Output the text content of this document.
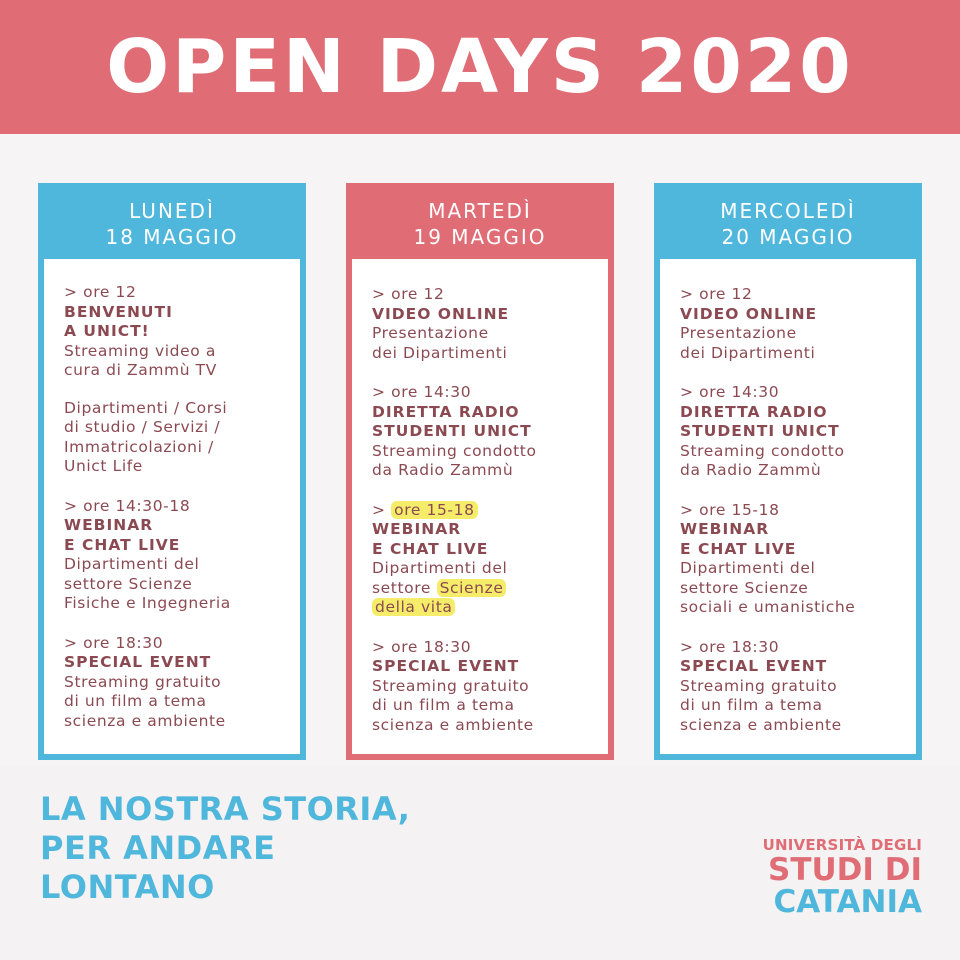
OPEN DAYS 2020
LUNEDÌ
18 MAGGIO
> ore 12
BENVENUTI
A UNICT!
Streaming video a
cura di Zammù TV
Dipartimenti / Corsi
di studio / Servizi /
Immatricolazioni /
Unict Life
> ore 14:30-18
WEBINAR
E CHAT LIVE
Dipartimenti del
settore Scienze
Fisiche e Ingegneria
> ore 18:30
SPECIAL EVENT
Streaming gratuito
di un film a tema
scienza e ambiente
MARTEDÌ
19 MAGGIO
> ore 12
VIDEO ONLINE
Presentazione
dei Dipartimenti
> ore 14:30
DIRETTA RADIO
STUDENTI UNICT
Streaming condotto
da Radio Zammù
> ore 15-18
WEBINAR
E CHAT LIVE
Dipartimenti del
settore Scienze
della vita
> ore 18:30
SPECIAL EVENT
Streaming gratuito
di un film a tema
scienza e ambiente
MERCOLEDÌ
20 MAGGIO
> ore 12
VIDEO ONLINE
Presentazione
dei Dipartimenti
> ore 14:30
DIRETTA RADIO
STUDENTI UNICT
Streaming condotto
da Radio Zammù
> ore 15-18
WEBINAR
E CHAT LIVE
Dipartimenti del
settore Scienze
sociali e umanistiche
> ore 18:30
SPECIAL EVENT
Streaming gratuito
di un film a tema
scienza e ambiente
LA NOSTRA STORIA,
PER ANDARE
LONTANO
UNIVERSITÀ DEGLI
STUDI DI
CATANIA
